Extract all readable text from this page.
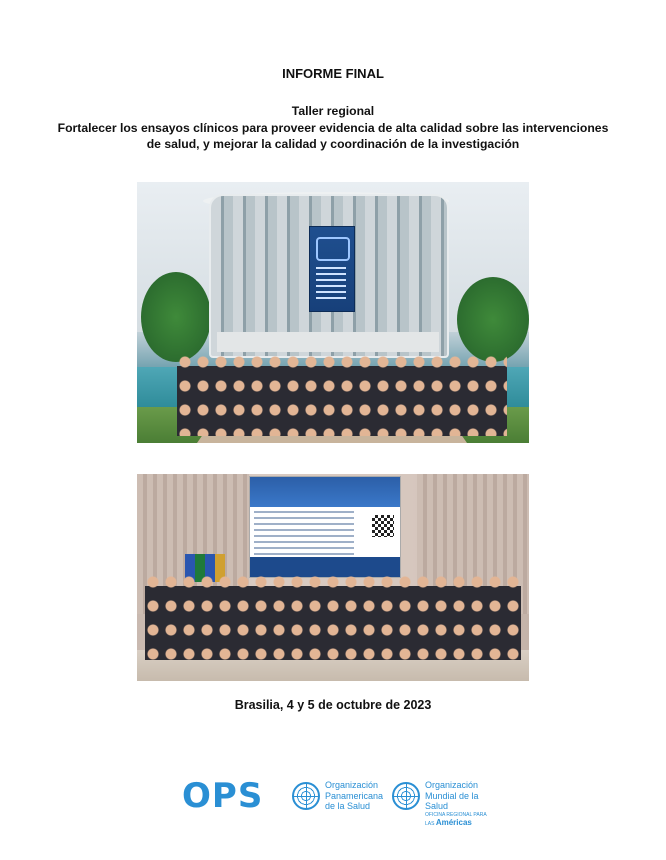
INFORME FINAL

Taller regional

Fortalecer los ensayos clínicos para proveer evidencia de alta calidad sobre las intervenciones

de salud, y mejorar la calidad y coordinación de la investigación

Brasilia, 4 y 5 de octubre de 2023

OPS	Organización
Panamericana
de la Salud
Organización
Mundial de la Salud
OFICINA REGIONAL PARA LAS Américas
